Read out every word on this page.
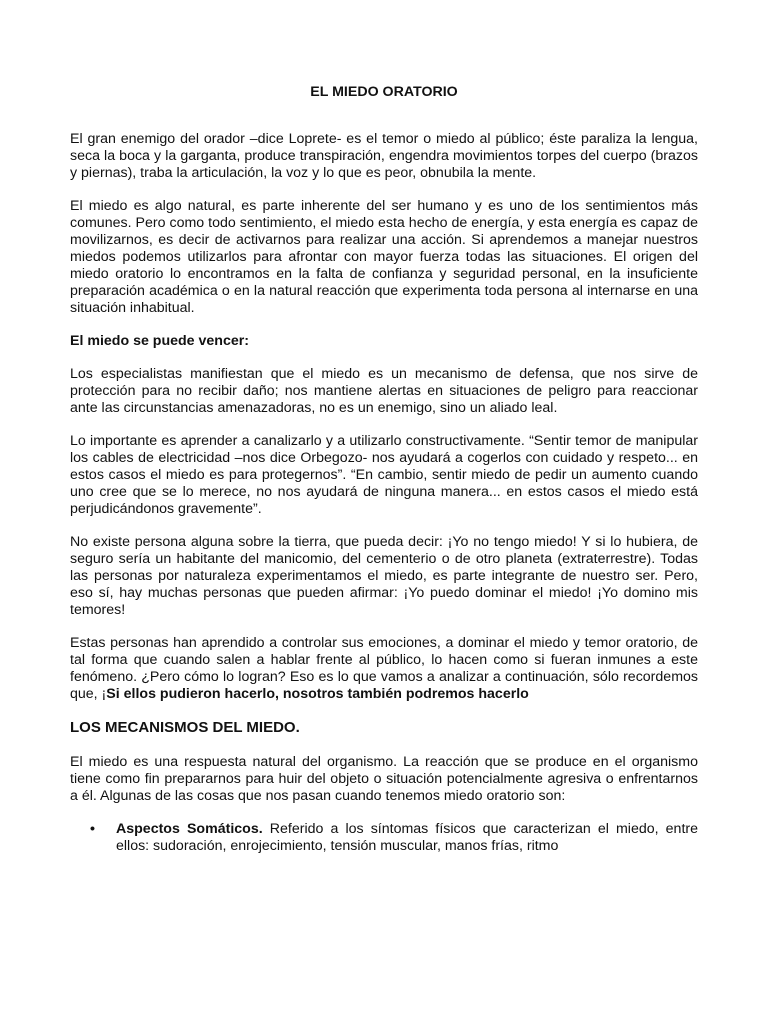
EL MIEDO ORATORIO

El gran enemigo del orador –dice Loprete- es el temor o miedo al público; éste paraliza la lengua, seca la boca y la garganta, produce transpiración, engendra movimientos torpes del cuerpo (brazos y piernas), traba la articulación, la voz y lo que es peor, obnubila la mente.

El miedo es algo natural, es parte inherente del ser humano y es uno de los sentimientos más comunes. Pero como todo sentimiento, el miedo esta hecho de energía, y esta energía es capaz de movilizarnos, es decir de activarnos para realizar una acción. Si aprendemos a manejar nuestros miedos podemos utilizarlos para afrontar con mayor fuerza todas las situaciones. El origen del miedo oratorio lo encontramos en la falta de confianza y seguridad personal, en la insuficiente preparación académica o en la natural reacción que experimenta toda persona al internarse en una situación inhabitual.

El miedo se puede vencer:

Los especialistas manifiestan que el miedo es un mecanismo de defensa, que nos sirve de protección para no recibir daño; nos mantiene alertas en situaciones de peligro para reaccionar ante las circunstancias amenazadoras, no es un enemigo, sino un aliado leal.

Lo importante es aprender a canalizarlo y a utilizarlo constructivamente. “Sentir temor de manipular los cables de electricidad –nos dice Orbegozo- nos ayudará a cogerlos con cuidado y respeto... en estos casos el miedo es para protegernos”. “En cambio, sentir miedo de pedir un aumento cuando uno cree que se lo merece, no nos ayudará de ninguna manera... en estos casos el miedo está perjudicándonos gravemente”.

No existe persona alguna sobre la tierra, que pueda decir: ¡Yo no tengo miedo! Y si lo hubiera, de seguro sería un habitante del manicomio, del cementerio o de otro planeta (extraterrestre). Todas las personas por naturaleza experimentamos el miedo, es parte integrante de nuestro ser. Pero, eso sí, hay muchas personas que pueden afirmar: ¡Yo puedo dominar el miedo! ¡Yo domino mis temores!

Estas personas han aprendido a controlar sus emociones, a dominar el miedo y temor oratorio, de tal forma que cuando salen a hablar frente al público, lo hacen como si fueran inmunes a este fenómeno. ¿Pero cómo lo logran? Eso es lo que vamos a analizar a continuación, sólo recordemos que, ¡Si ellos pudieron hacerlo, nosotros también podremos hacerlo

LOS MECANISMOS DEL MIEDO.

El miedo es una respuesta natural del organismo. La reacción que se produce en el organismo tiene como fin prepararnos para huir del objeto o situación potencialmente agresiva o enfrentarnos a él. Algunas de las cosas que nos pasan cuando tenemos miedo oratorio son:

• Aspectos Somáticos. Referido a los síntomas físicos que caracterizan el miedo, entre ellos: sudoración, enrojecimiento, tensión muscular, manos frías, ritmo
